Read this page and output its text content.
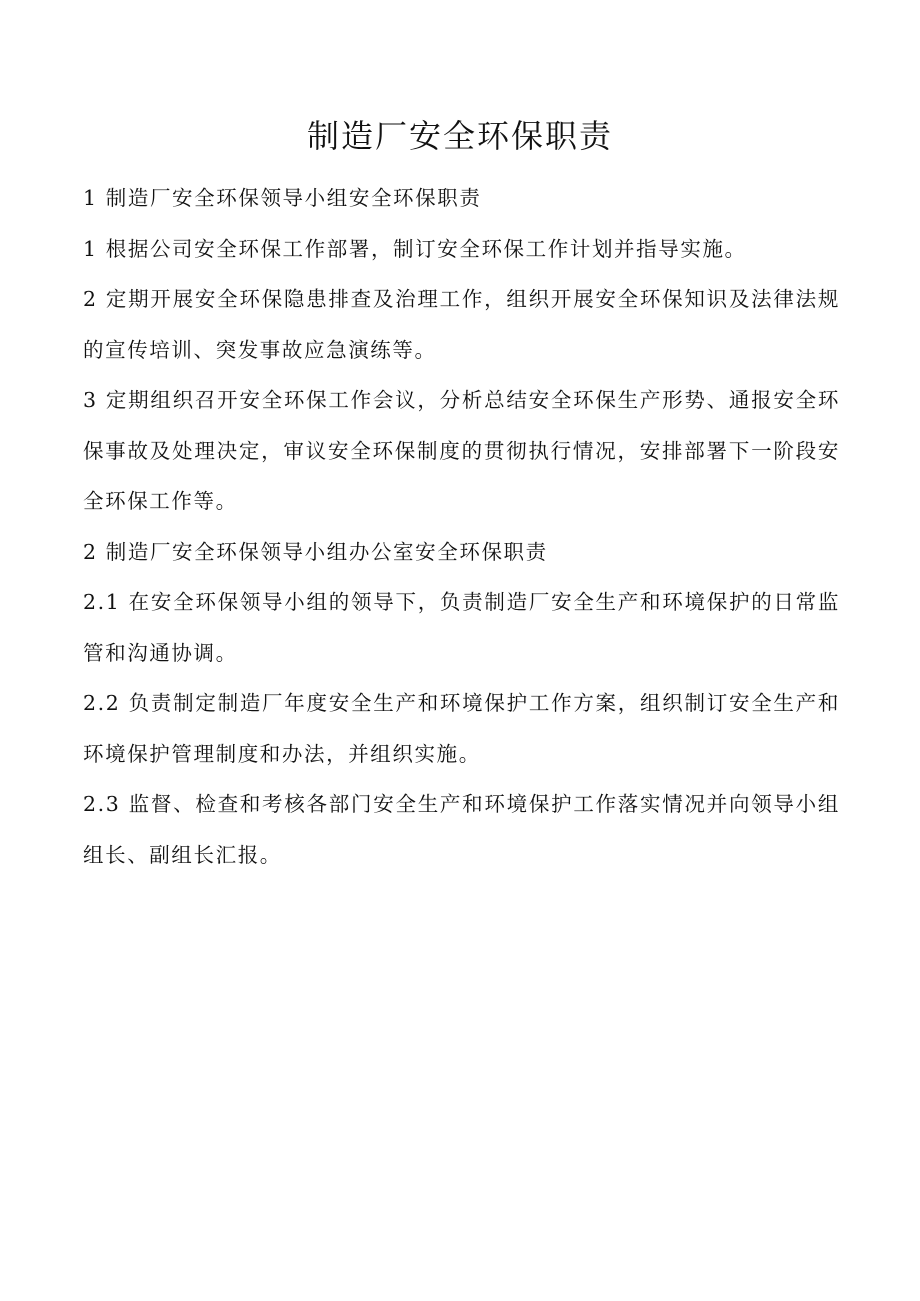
制造厂安全环保职责

1 制造厂安全环保领导小组安全环保职责

1 根据公司安全环保工作部署，制订安全环保工作计划并指导实施。

2 定期开展安全环保隐患排查及治理工作，组织开展安全环保知识及法律法规的宣传培训、突发事故应急演练等。

3 定期组织召开安全环保工作会议，分析总结安全环保生产形势、通报安全环保事故及处理决定，审议安全环保制度的贯彻执行情况，安排部署下一阶段安全环保工作等。

2 制造厂安全环保领导小组办公室安全环保职责

2.1 在安全环保领导小组的领导下，负责制造厂安全生产和环境保护的日常监管和沟通协调。

2.2 负责制定制造厂年度安全生产和环境保护工作方案，组织制订安全生产和环境保护管理制度和办法，并组织实施。

2.3 监督、检查和考核各部门安全生产和环境保护工作落实情况并向领导小组组长、副组长汇报。
